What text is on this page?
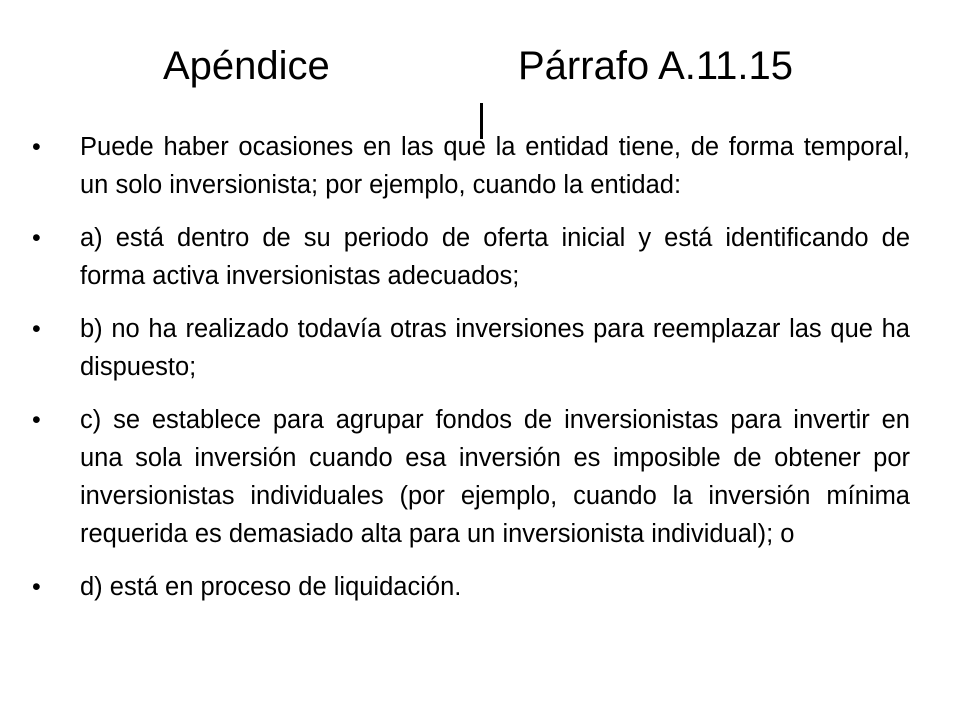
Apéndice	Párrafo A.11.15
• Puede haber ocasiones en las que la entidad tiene, de forma temporal, un solo inversionista; por ejemplo, cuando la entidad:
• a) está dentro de su periodo de oferta inicial y está identificando de forma activa inversionistas adecuados;
• b) no ha realizado todavía otras inversiones para reemplazar las que ha dispuesto;
• c) se establece para agrupar fondos de inversionistas para invertir en una sola inversión cuando esa inversión es imposible de obtener por inversionistas individuales (por ejemplo, cuando la inversión mínima requerida es demasiado alta para un inversionista individual); o
• d) está en proceso de liquidación.
